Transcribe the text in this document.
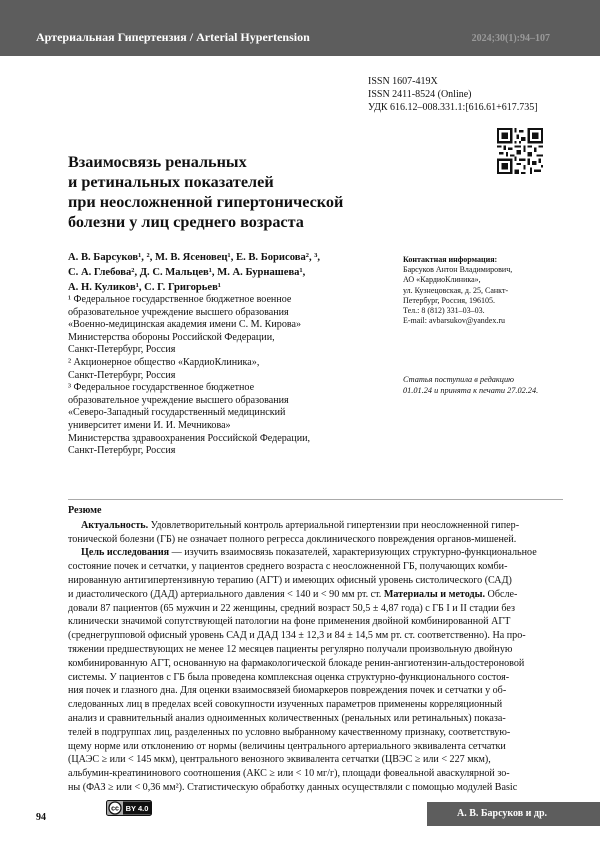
Артериальная Гипертензия / Arterial Hypertension	2024;30(1):94–107
ISSN 1607-419X
ISSN 2411-8524 (Online)
УДК 616.12–008.331.1:[616.61+617.735]
Взаимосвязь ренальных
и ретинальных показателей
при неосложненной гипертонической
болезни у лиц среднего возраста
А. В. Барсуков¹, ², М. В. Ясеновец¹, Е. В. Борисова², ³,
С. А. Глебова², Д. С. Мальцев¹, М. А. Бурнашева¹,
А. Н. Куликов¹, С. Г. Григорьев¹
¹ Федеральное государственное бюджетное военное
образовательное учреждение высшего образования
«Военно-медицинская академия имени С. М. Кирова»
Министерства обороны Российской Федерации,
Санкт-Петербург, Россия
² Акционерное общество «КардиоКлиника»,
Санкт-Петербург, Россия
³ Федеральное государственное бюджетное
образовательное учреждение высшего образования
«Северо-Западный государственный медицинский
университет имени И. И. Мечникова»
Министерства здравоохранения Российской Федерации,
Санкт-Петербург, Россия
Контактная информация:
Барсуков Антон Владимирович,
АО «КардиоКлиника»,
ул. Кузнецовская, д. 25, Санкт-
Петербург, Россия, 196105.
Тел.: 8 (812) 331–03–03.
E-mail: avbarsukov@yandex.ru
Статья поступила в редакцию
01.01.24 и принята к печати 27.02.24.
Резюме
Актуальность. Удовлетворительный контроль артериальной гипертензии при неосложненной гипер-
тонической болезни (ГБ) не означает полного регресса доклинического повреждения органов-мишеней.
Цель исследования — изучить взаимосвязь показателей, характеризующих структурно-функциональное
состояние почек и сетчатки, у пациентов среднего возраста с неосложненной ГБ, получающих комби-
нированную антигипертензивную терапию (АГТ) и имеющих офисный уровень систолического (САД)
и диастолического (ДАД) артериального давления < 140 и < 90 мм рт. ст. Материалы и методы. Обсле-
довали 87 пациентов (65 мужчин и 22 женщины, средний возраст 50,5 ± 4,87 года) с ГБ I и II стадии без
клинически значимой сопутствующей патологии на фоне применения двойной комбинированной АГТ
(среднегрупповой офисный уровень САД и ДАД 134 ± 12,3 и 84 ± 14,5 мм рт. ст. соответственно). На про-
тяжении предшествующих не менее 12 месяцев пациенты регулярно получали произвольную двойную
комбинированную АГТ, основанную на фармакологической блокаде ренин-ангиотензин-альдостероновой
системы. У пациентов с ГБ была проведена комплексная оценка структурно-функционального состоя-
ния почек и глазного дна. Для оценки взаимосвязей биомаркеров повреждения почек и сетчатки у об-
следованных лиц в пределах всей совокупности изученных параметров применены корреляционный
анализ и сравнительный анализ одноименных количественных (ренальных или ретинальных) показа-
телей в подгруппах лиц, разделенных по условно выбранному качественному признаку, соответствую-
щему норме или отклонению от нормы (величины центрального артериального эквивалента сетчатки
(ЦАЭС ≥ или < 145 мкм), центрального венозного эквивалента сетчатки (ЦВЭС ≥ или < 227 мкм),
альбумин-креатининового соотношения (АКС ≥ или < 10 мг/г), площади фовеальной аваскулярной зо-
ны (ФАЗ ≥ или < 0,36 мм²). Статистическую обработку данных осуществляли с помощью модулей Basic
94
cc BY 4.0	А. В. Барсуков и др.
